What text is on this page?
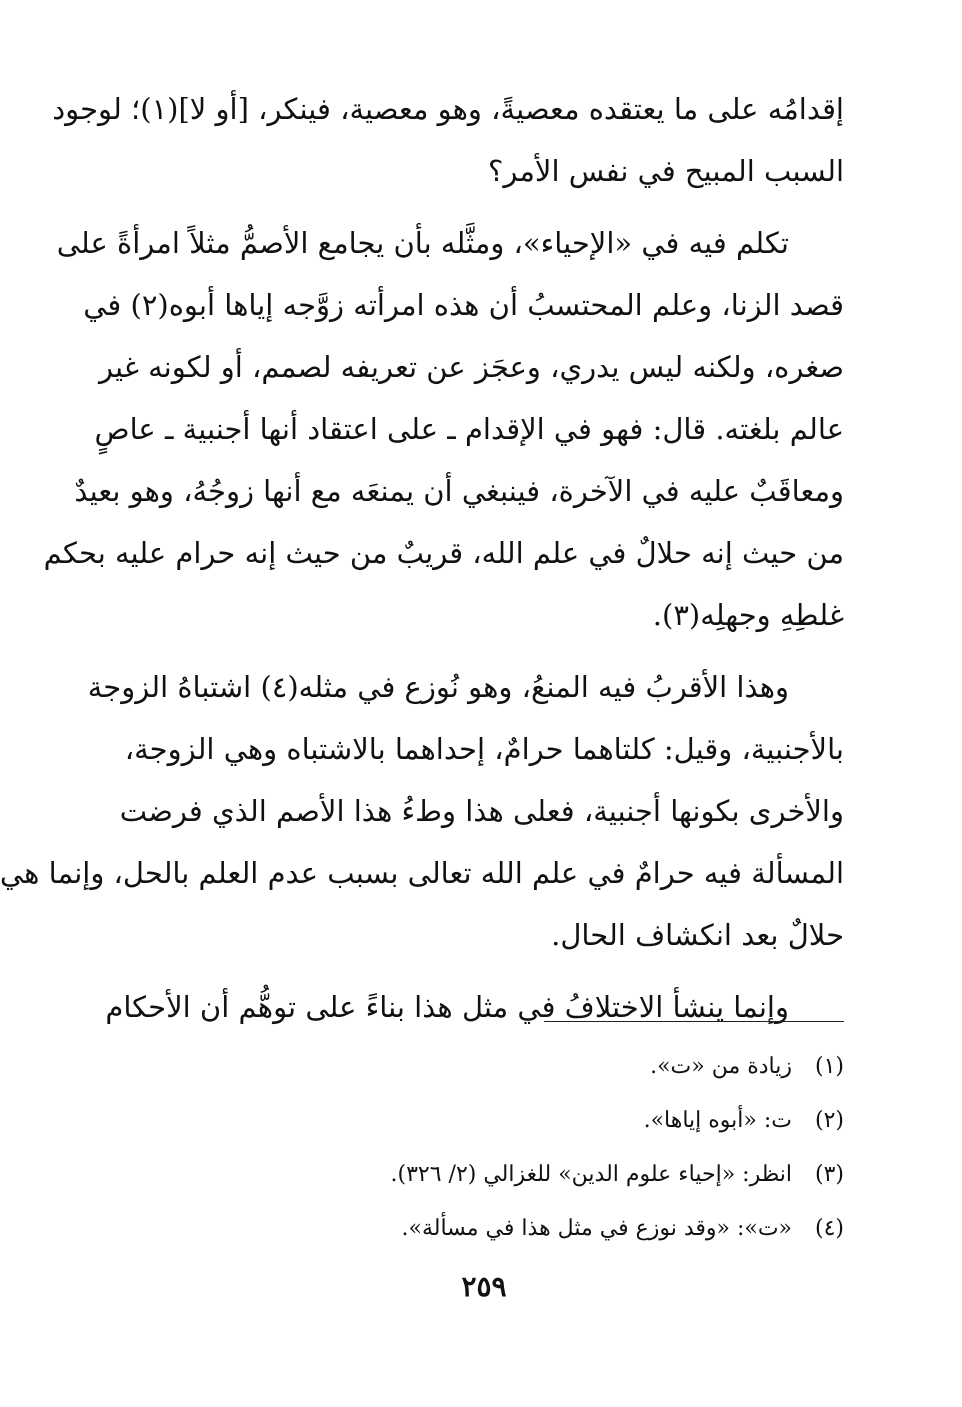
إقدامُه على ما يعتقده معصيةً، وهو معصية، فينكر، [أو لا](١)؛ لوجود
السبب المبيح في نفس الأمر؟
تكلم فيه في «الإحياء»، ومثَّله بأن يجامع الأصمُّ مثلاً امرأةً على
قصد الزنا، وعلم المحتسبُ أن هذه امرأته زوَّجه إياها أبوه(٢) في
صغره، ولكنه ليس يدري، وعجَز عن تعريفه لصمم، أو لكونه غير
عالم بلغته. قال: فهو في الإقدام ـ على اعتقاد أنها أجنبية ـ عاصٍ
ومعاقَبٌ عليه في الآخرة، فينبغي أن يمنعَه مع أنها زوجُهُ، وهو بعيدٌ
من حيث إنه حلالٌ في علم الله، قريبٌ من حيث إنه حرام عليه بحكم
غلطِهِ وجهلِه(٣).
وهذا الأقربُ فيه المنعُ، وهو نُوزع في مثله(٤) اشتباهُ الزوجة
بالأجنبية، وقيل: كلتاهما حرامٌ، إحداهما بالاشتباه وهي الزوجة،
والأخرى بكونها أجنبية، فعلى هذا وطءُ هذا الأصم الذي فرضت
المسألة فيه حرامٌ في علم الله تعالى بسبب عدم العلم بالحل، وإنما هي
حلالٌ بعد انكشاف الحال.
وإنما ينشأ الاختلافُ في مثل هذا بناءً على توهُّم أن الأحكام
(١) زيادة من «ت».
(٢) ت: «أبوه إياها».
(٣) انظر: «إحياء علوم الدين» للغزالي (٢/ ٣٢٦).
(٤) «ت»: «وقد نوزع في مثل هذا في مسألة».
٢٥٩
